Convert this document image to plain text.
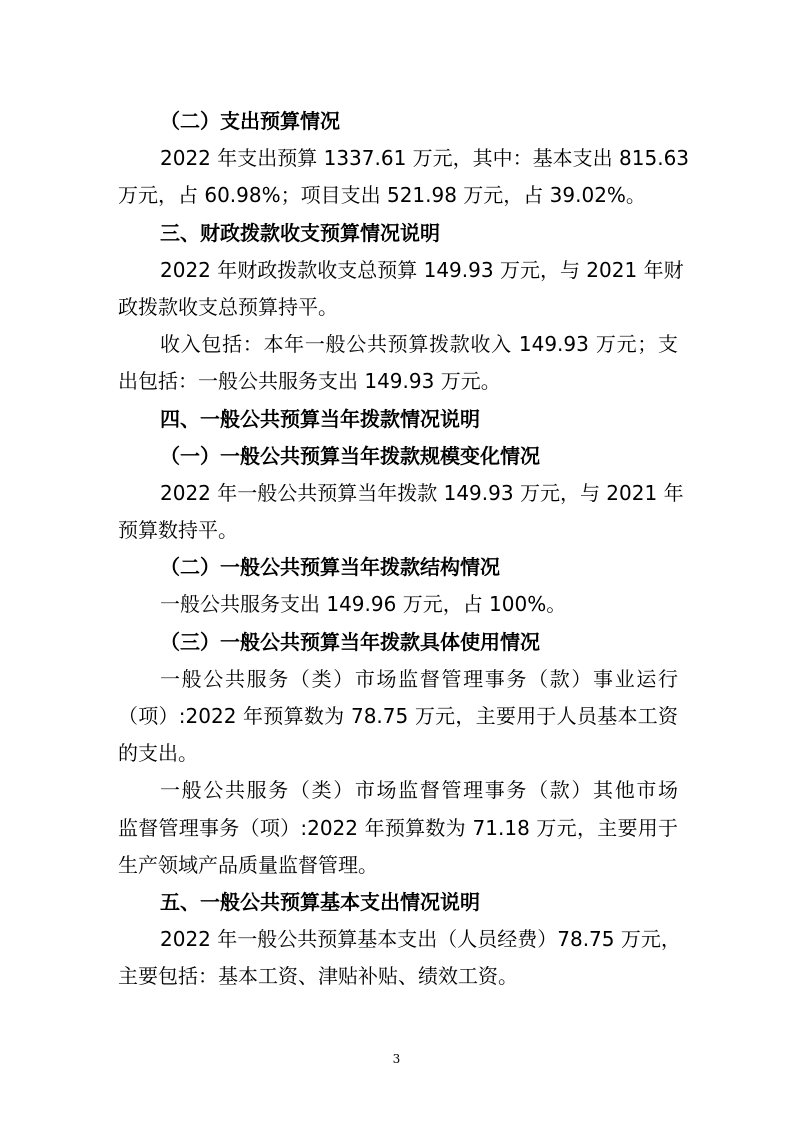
（二）支出预算情况
2022 年支出预算 1337.61 万元，其中：基本支出 815.63
万元，占 60.98%；项目支出 521.98 万元，占 39.02%。
三、财政拨款收支预算情况说明
2022 年财政拨款收支总预算 149.93 万元，与 2021 年财
政拨款收支总预算持平。
收入包括：本年一般公共预算拨款收入 149.93 万元；支
出包括：一般公共服务支出 149.93 万元。
四、一般公共预算当年拨款情况说明
（一）一般公共预算当年拨款规模变化情况
2022 年一般公共预算当年拨款 149.93 万元，与 2021 年
预算数持平。
（二）一般公共预算当年拨款结构情况
一般公共服务支出 149.96 万元，占 100%。
（三）一般公共预算当年拨款具体使用情况
一般公共服务（类）市场监督管理事务（款）事业运行
（项）:2022 年预算数为 78.75 万元，主要用于人员基本工资
的支出。
一般公共服务（类）市场监督管理事务（款）其他市场
监督管理事务（项）:2022 年预算数为 71.18 万元，主要用于
生产领域产品质量监督管理。
五、一般公共预算基本支出情况说明
2022 年一般公共预算基本支出（人员经费）78.75 万元，
主要包括：基本工资、津贴补贴、绩效工资。
3
